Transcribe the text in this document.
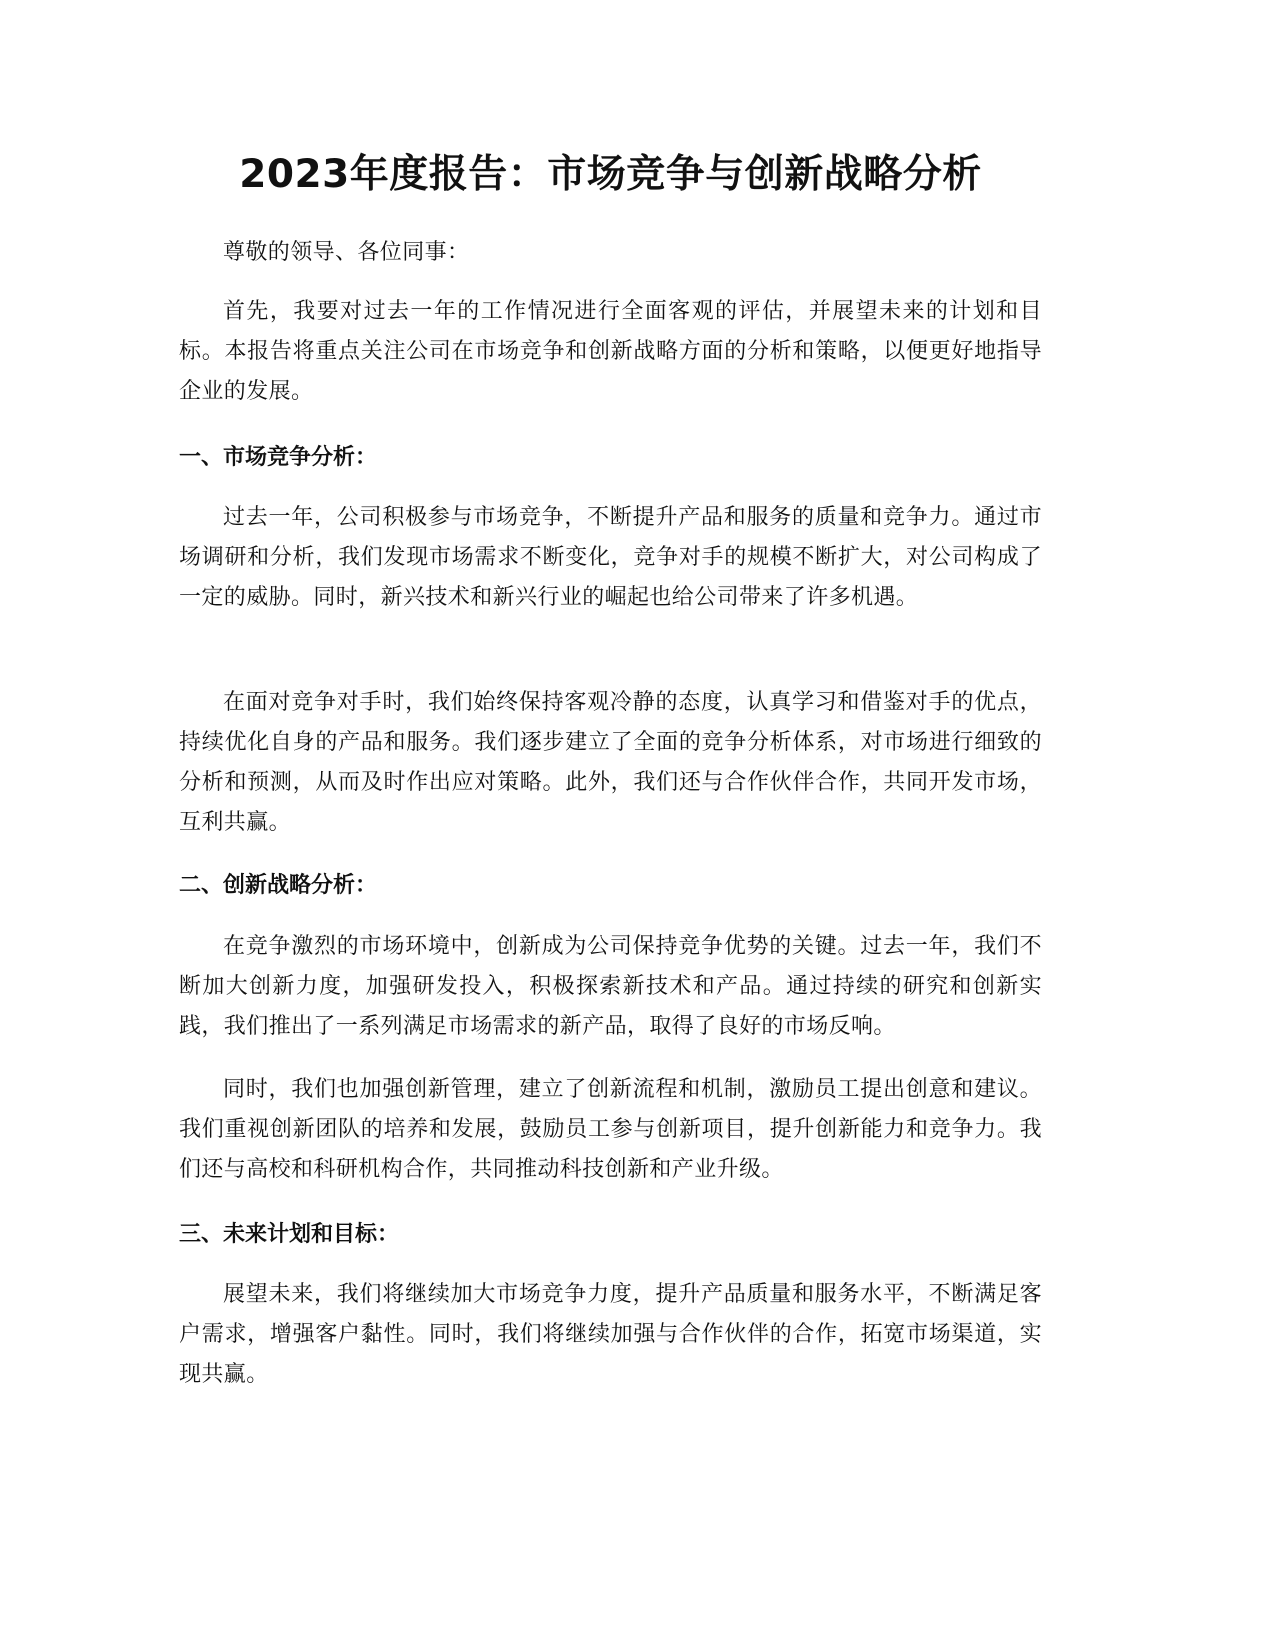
2023年度报告：市场竞争与创新战略分析

尊敬的领导、各位同事：

首先，我要对过去一年的工作情况进行全面客观的评估，并展望未来的计划和目标。本报告将重点关注公司在市场竞争和创新战略方面的分析和策略，以便更好地指导企业的发展。

一、市场竞争分析：

过去一年，公司积极参与市场竞争，不断提升产品和服务的质量和竞争力。通过市场调研和分析，我们发现市场需求不断变化，竞争对手的规模不断扩大，对公司构成了一定的威胁。同时，新兴技术和新兴行业的崛起也给公司带来了许多机遇。

在面对竞争对手时，我们始终保持客观冷静的态度，认真学习和借鉴对手的优点，持续优化自身的产品和服务。我们逐步建立了全面的竞争分析体系，对市场进行细致的分析和预测，从而及时作出应对策略。此外，我们还与合作伙伴合作，共同开发市场，互利共赢。

二、创新战略分析：

在竞争激烈的市场环境中，创新成为公司保持竞争优势的关键。过去一年，我们不断加大创新力度，加强研发投入，积极探索新技术和产品。通过持续的研究和创新实践，我们推出了一系列满足市场需求的新产品，取得了良好的市场反响。

同时，我们也加强创新管理，建立了创新流程和机制，激励员工提出创意和建议。我们重视创新团队的培养和发展，鼓励员工参与创新项目，提升创新能力和竞争力。我们还与高校和科研机构合作，共同推动科技创新和产业升级。

三、未来计划和目标：

展望未来，我们将继续加大市场竞争力度，提升产品质量和服务水平，不断满足客户需求，增强客户黏性。同时，我们将继续加强与合作伙伴的合作，拓宽市场渠道，实现共赢。
